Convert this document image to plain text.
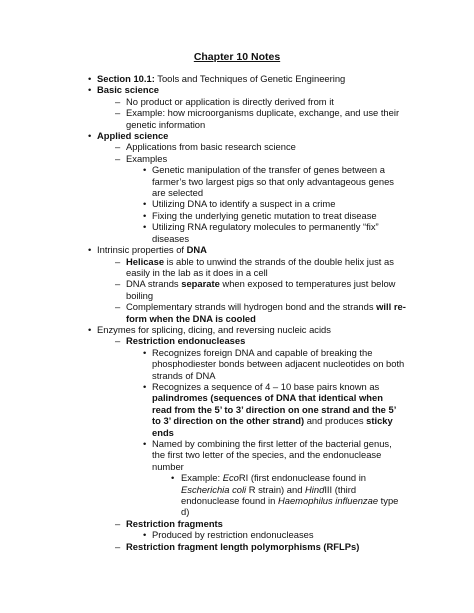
Chapter 10 Notes
• Section 10.1: Tools and Techniques of Genetic Engineering
• Basic science
– No product or application is directly derived from it
– Example: how microorganisms duplicate, exchange, and use their
genetic information
• Applied science
– Applications from basic research science
– Examples
• Genetic manipulation of the transfer of genes between a
farmer’s two largest pigs so that only advantageous genes
are selected
• Utilizing DNA to identify a suspect in a crime
• Fixing the underlying genetic mutation to treat disease
• Utilizing RNA regulatory molecules to permanently “fix”
diseases
• Intrinsic properties of DNA
– Helicase is able to unwind the strands of the double helix just as
easily in the lab as it does in a cell
– DNA strands separate when exposed to temperatures just below
boiling
– Complementary strands will hydrogen bond and the strands will re-
form when the DNA is cooled
• Enzymes for splicing, dicing, and reversing nucleic acids
– Restriction endonucleases
• Recognizes foreign DNA and capable of breaking the
phosphodiester bonds between adjacent nucleotides on both
strands of DNA
• Recognizes a sequence of 4 – 10 base pairs known as
palindromes (sequences of DNA that identical when
read from the 5’ to 3’ direction on one strand and the 5’
to 3’ direction on the other strand) and produces sticky
ends
• Named by combining the first letter of the bacterial genus,
the first two letter of the species, and the endonuclease
number
• Example: EcoRI (first endonuclease found in
Escherichia coli R strain) and HindIII (third
endonuclease found in Haemophilus influenzae type
d)
– Restriction fragments
• Produced by restriction endonucleases
– Restriction fragment length polymorphisms (RFLPs)
